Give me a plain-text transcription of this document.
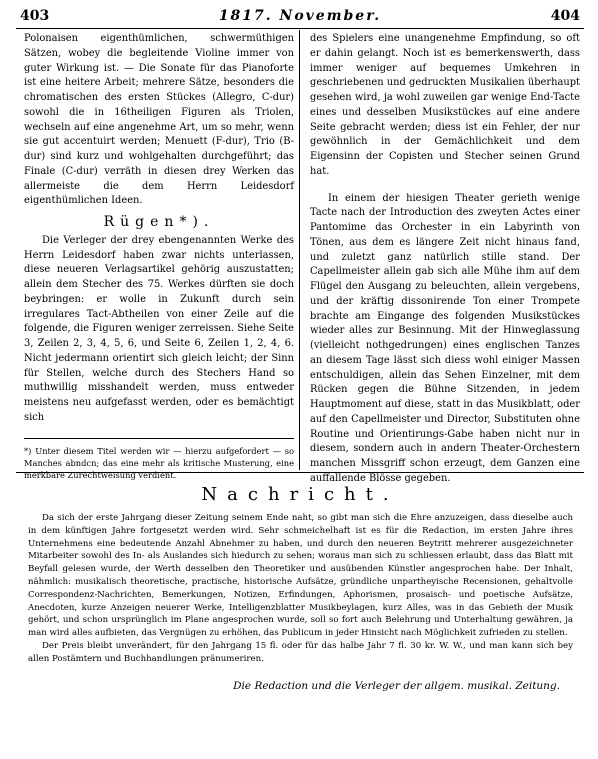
403	1817. November.	404

Polonaisen eigenthümlichen, schwermüthigen Sätzen, wobey die begleitende Violine immer von guter Wirkung ist. — Die Sonate für das Pianoforte ist eine heitere Arbeit; mehrere Sätze, besonders die chromatischen des ersten Stückes (Allegro, C-dur) sowohl die in 16theiligen Figuren als Triolen, wechseln auf eine angenehme Art, um so mehr, wenn sie gut accentuirt werden; Menuett (F-dur), Trio (B-dur) sind kurz und wohlgehalten durchgeführt; das Finale (C-dur) verräth in diesen drey Werken das allermeiste die dem Herrn Leidesdorf eigenthümlichen Ideen.

Rügen*).

Die Verleger der drey ebengenannten Werke des Herrn Leidesdorf haben zwar nichts unterlassen, diese neueren Verlagsartikel gehörig auszustatten; allein dem Stecher des 75. Werkes dürften sie doch beybringen: er wolle in Zukunft durch sein irregulares Tact-Abtheilen von einer Zeile auf die folgende, die Figuren weniger zerreissen. Siehe Seite 3, Zeilen 2, 3, 4, 5, 6, und Seite 6, Zeilen 1, 2, 4, 6. Nicht jedermann orientirt sich gleich leicht; der Sinn für Stellen, welche durch des Stechers Hand so muthwillig misshandelt werden, muss entweder meistens neu aufgefasst werden, oder es bemächtigt sich

*) Unter diesem Titel werden wir — hierzu aufgefordert — so Manches abndcn; das eine mehr als kritische Musterung, eine merkbare Zurechtweisung verdient.

des Spielers eine unangenehme Empfindung, so oft er dahin gelangt. Noch ist es bemerkenswerth, dass immer weniger auf bequemes Umkehren in geschriebenen und gedruckten Musikalien überhaupt gesehen wird, ja wohl zuweilen gar wenige End-Tacte eines und desselben Musikstückes auf eine andere Seite gebracht werden; diess ist ein Fehler, der nur gewöhnlich in der Gemächlichkeit und dem Eigensinn der Copisten und Stecher seinen Grund hat.

In einem der hiesigen Theater gerieth wenige Tacte nach der Introduction des zweyten Actes einer Pantomime das Orchester in ein Labyrinth von Tönen, aus dem es längere Zeit nicht hinaus fand, und zuletzt ganz natürlich stille stand. Der Capellmeister allein gab sich alle Mühe ihm auf dem Flügel den Ausgang zu beleuchten, allein vergebens, und der kräftig dissonirende Ton einer Trompete brachte am Eingange des folgenden Musikstückes wieder alles zur Besinnung. Mit der Hinweglassung (vielleicht nothgedrungen) eines englischen Tanzes an diesem Tage lässt sich diess wohl einiger Massen entschuldigen, allein das Sehen Einzelner, mit dem Rücken gegen die Bühne Sitzenden, in jedem Hauptmoment auf diese, statt in das Musikblatt, oder auf den Capellmeister und Director, Substituten ohne Routine und Orientirungs-Gabe haben nicht nur in diesem, sondern auch in andern Theater-Orchestern manchen Missgriff schon erzeugt, dem Ganzen eine auffallende Blösse gegeben.

Nachricht.

Da sich der erste Jahrgang dieser Zeitung seinem Ende naht, so gibt man sich die Ehre anzuzeigen, dass dieselbe auch in dem künftigen Jahre fortgesetzt werden wird. Sehr schmeichelhaft ist es für die Redaction, im ersten Jahre ihres Unternehmens eine bedeutende Anzahl Abnehmer zu haben, und durch den neueren Beytritt mehrerer ausgezeichneter Mitarbeiter sowohl des In- als Auslandes sich hiedurch zu sehen; woraus man sich zu schliessen erlaubt, dass das Blatt mit Beyfall gelesen wurde, der Werth desselben den Theoretiker und ausübenden Künstler angesprochen habe. Der Inhalt, nähmlich: musikalisch theoretische, practische, historische Aufsätze, gründliche unpartheyische Recensionen, gehaltvolle Correspondenz-Nachrichten, Bemerkungen, Notizen, Erfindungen, Aphorismen, prosaisch- und poetische Aufsätze, Anecdoten, kurze Anzeigen neuerer Werke, Intelligenzblatter Musikbeylagen, kurz Alles, was in das Gebieth der Musik gehört, und schon ursprünglich im Plane angesprochen wurde, soll so fort auch Belehrung und Unterhaltung gewähren, ja man wird alles aufbieten, das Vergnügen zu erhöhen, das Publicum in jeder Hinsicht nach Möglichkeit zufrieden zu stellen.

Der Preis bleibt unverändert, für den Jahrgang 15 fl. oder für das halbe Jahr 7 fl. 30 kr. W. W., und man kann sich bey allen Postämtern und Buchhandlungen pränumeriren.

Die Redaction und die Verleger der allgem. musikal. Zeitung.
